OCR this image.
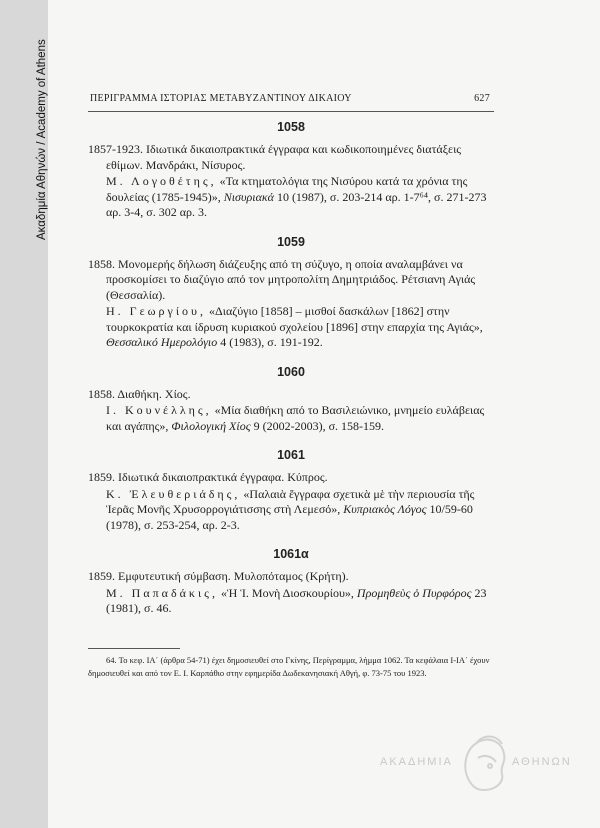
Ακαδημία Αθηνών / Academy of Athens	ΠΕΡΙΓΡΑΜΜΑ ΙΣΤΟΡΙΑΣ ΜΕΤΑΒΥΖΑΝΤΙΝΟΥ ΔΙΚΑΙΟΥ	627
1058
1857-1923. Ιδιωτικά δικαιοπρακτικά έγγραφα και κωδικοποιημένες διατάξεις εθίμων. Μανδράκι, Νίσυρος.
Μ. Λογοθέτης, «Τα κτηματολόγια της Νισύρου κατά τα χρόνια της δουλείας (1785-1945)», Νισυριακά 10 (1987), σ. 203-214 αρ. 1-7⁶⁴, σ. 271-273 αρ. 3-4, σ. 302 αρ. 3.
1059
1858. Μονομερής δήλωση διάζευξης από τη σύζυγο, η οποία αναλαμβάνει να προσκομίσει το διαζύγιο από τον μητροπολίτη Δημητριάδος. Ρέτσιανη Αγιάς (Θεσσαλία).
Η. Γεωργίου, «Διαζύγιο [1858] – μισθοί δασκάλων [1862] στην τουρκοκρατία και ίδρυση κυριακού σχολείου [1896] στην επαρχία της Αγιάς», Θεσσαλικό Ημερολόγιο 4 (1983), σ. 191-192.
1060
1858. Διαθήκη. Χίος.
Ι. Κουνέλλης, «Μία διαθήκη από το Βασιλειώνικο, μνημείο ευλάβειας και αγάπης», Φιλολογική Χίος 9 (2002-2003), σ. 158-159.
1061
1859. Ιδιωτικά δικαιοπρακτικά έγγραφα. Κύπρος.
Κ. Ἐλευθεριάδης, «Παλαιὰ ἔγγραφα σχετικὰ μὲ τὴν περιουσία τῆς Ἱερᾶς Μονῆς Χρυσορρογιάτισσης στὴ Λεμεσό», Κυπριακὸς Λόγος 10/59-60 (1978), σ. 253-254, αρ. 2-3.
1061α
1859. Εμφυτευτική σύμβαση. Μυλοπόταμος (Κρήτη).
Μ. Παπαδάκις, «Ἡ Ἱ. Μονὴ Διοσκουρίου», Προμηθεὺς ὁ Πυρφόρος 23 (1981), σ. 46.
64. Το κεφ. ΙΑ΄ (άρθρα 54-71) έχει δημοσιευθεί στο Γκίνης, Περίγραμμα, λήμμα 1062. Τα κεφάλαια Ι-ΙΑ΄ έχουν δημοσιευθεί και από τον Ε. Ι. Καρπάθιο στην εφημερίδα Δωδεκανησιακή Αθγή, φ. 73-75 του 1923.
ΑΚΑΔΗΜΙΑ	ΑΘΗΝΩΝ
